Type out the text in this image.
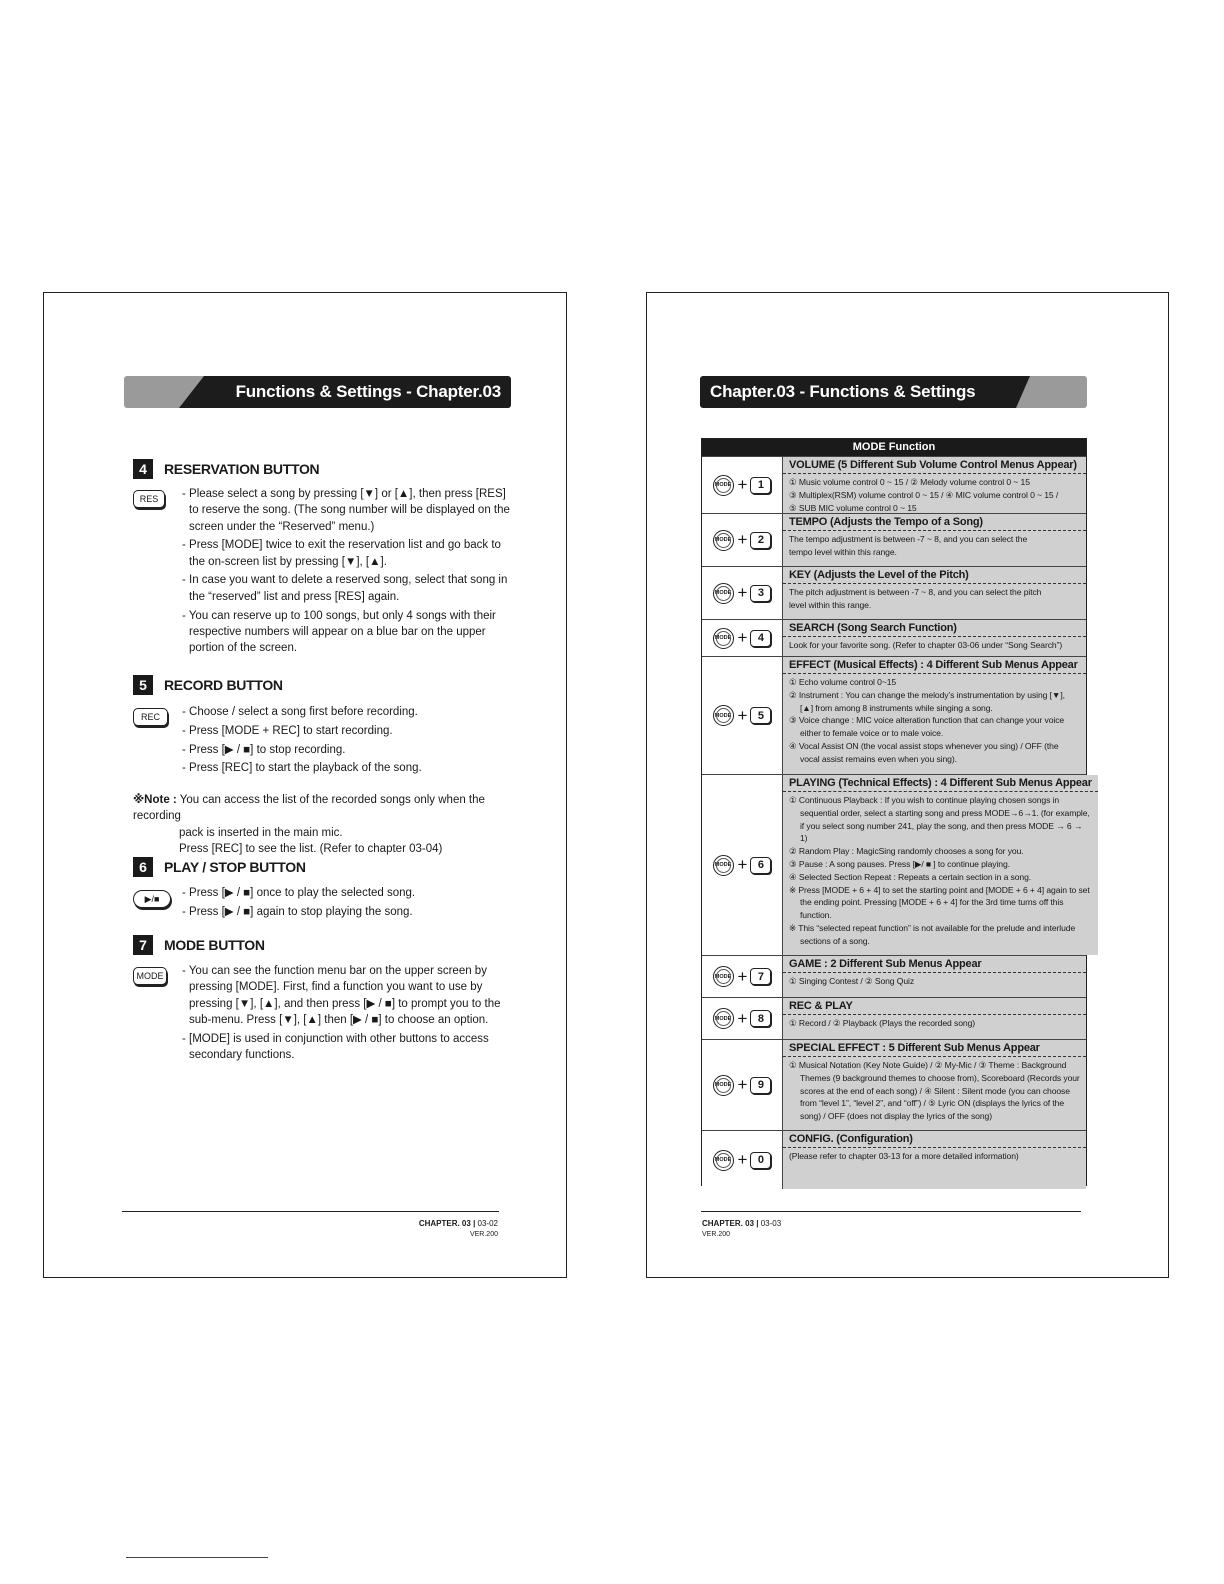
Functions & Settings - Chapter.03
4	RESERVATION BUTTON
RES	- Please select a song by pressing [▼] or [▲], then press [RES] to reserve the song. (The song number will be displayed on the screen under the “Reserved” menu.)
- Press [MODE] twice to exit the reservation list and go back to the on-screen list by pressing [▼], [▲].
- In case you want to delete a reserved song, select that song in the “reserved” list and press [RES] again.
- You can reserve up to 100 songs, but only 4 songs with their respective numbers will appear on a blue bar on the upper portion of the screen.
5	RECORD BUTTON
REC	- Choose / select a song first before recording.
- Press [MODE + REC] to start recording.
- Press [▶ / ■] to stop recording.
- Press [REC] to start the playback of the song.
※Note : You can access the list of the recorded songs only when the recording
pack is inserted in the main mic.
Press [REC] to see the list. (Refer to chapter 03-04)
6	PLAY / STOP BUTTON
▶/■	- Press [▶ / ■] once to play the selected song.
- Press [▶ / ■] again to stop playing the song.
7	MODE BUTTON
MODE	- You can see the function menu bar on the upper screen by pressing [MODE]. First, find a function you want to use by pressing [▼], [▲], and then press [▶ / ■] to prompt you to the sub-menu. Press [▼], [▲] then [▶ / ■] to choose an option.
- [MODE] is used in conjunction with other buttons to access secondary functions.
CHAPTER. 03 | 03-02
VER.200
Chapter.03 - Functions & Settings
MODE Function
MODE + 1
VOLUME (5 Different Sub Volume Control Menus Appear)
① Music volume control 0 ~ 15 / ② Melody volume control 0 ~ 15
③ Multiplex(RSM) volume control 0 ~ 15 / ④ MIC volume control 0 ~ 15 /
⑤ SUB MIC volume control 0 ~ 15
MODE + 2
TEMPO (Adjusts the Tempo of a Song)
The tempo adjustment is between -7 ~ 8, and you can select the
tempo level within this range.
MODE + 3
KEY (Adjusts the Level of the Pitch)
The pitch adjustment is between -7 ~ 8, and you can select the pitch
level within this range.
MODE + 4
SEARCH (Song Search Function)
Look for your favorite song. (Refer to chapter 03-06 under “Song Search”)
MODE + 5
EFFECT (Musical Effects) : 4 Different Sub Menus Appear
① Echo volume control 0~15
② Instrument : You can change the melody’s instrumentation by using [▼], [▲] from among 8 instruments while singing a song.
③ Voice change : MIC voice alteration function that can change your voice either to female voice or to male voice.
④ Vocal Assist ON (the vocal assist stops whenever you sing) / OFF (the vocal assist remains even when you sing).
MODE + 6
PLAYING (Technical Effects) : 4 Different Sub Menus Appear
① Continuous Playback : If you wish to continue playing chosen songs in sequential order, select a starting song and press MODE→6→1. (for example, if you select song number 241, play the song, and then press MODE → 6 → 1)
② Random Play : MagicSing randomly chooses a song for you.
③ Pause : A song pauses. Press [▶/ ■ ] to continue playing.
④ Selected Section Repeat : Repeats a certain section in a song.
※ Press [MODE + 6 + 4] to set the starting point and [MODE + 6 + 4] again to set the ending point. Pressing [MODE + 6 + 4] for the 3rd time turns off this function.
※ This “selected repeat function” is not available for the prelude and interlude sections of a song.
MODE + 7
GAME : 2 Different Sub Menus Appear
① Singing Contest / ② Song Quiz
MODE + 8
REC & PLAY
① Record / ② Playback (Plays the recorded song)
MODE + 9
SPECIAL EFFECT : 5 Different Sub Menus Appear
① Musical Notation (Key Note Guide) / ② My-Mic / ③ Theme : Background Themes (9 background themes to choose from), Scoreboard (Records your scores at the end of each song) / ④ Silent : Silent mode (you can choose from “level 1”, “level 2”, and “off”) / ⑤ Lyric ON (displays the lyrics of the song) / OFF (does not display the lyrics of the song)
MODE + 0
CONFIG. (Configuration)
(Please refer to chapter 03-13 for a more detailed information)
CHAPTER. 03 | 03-03
VER.200
